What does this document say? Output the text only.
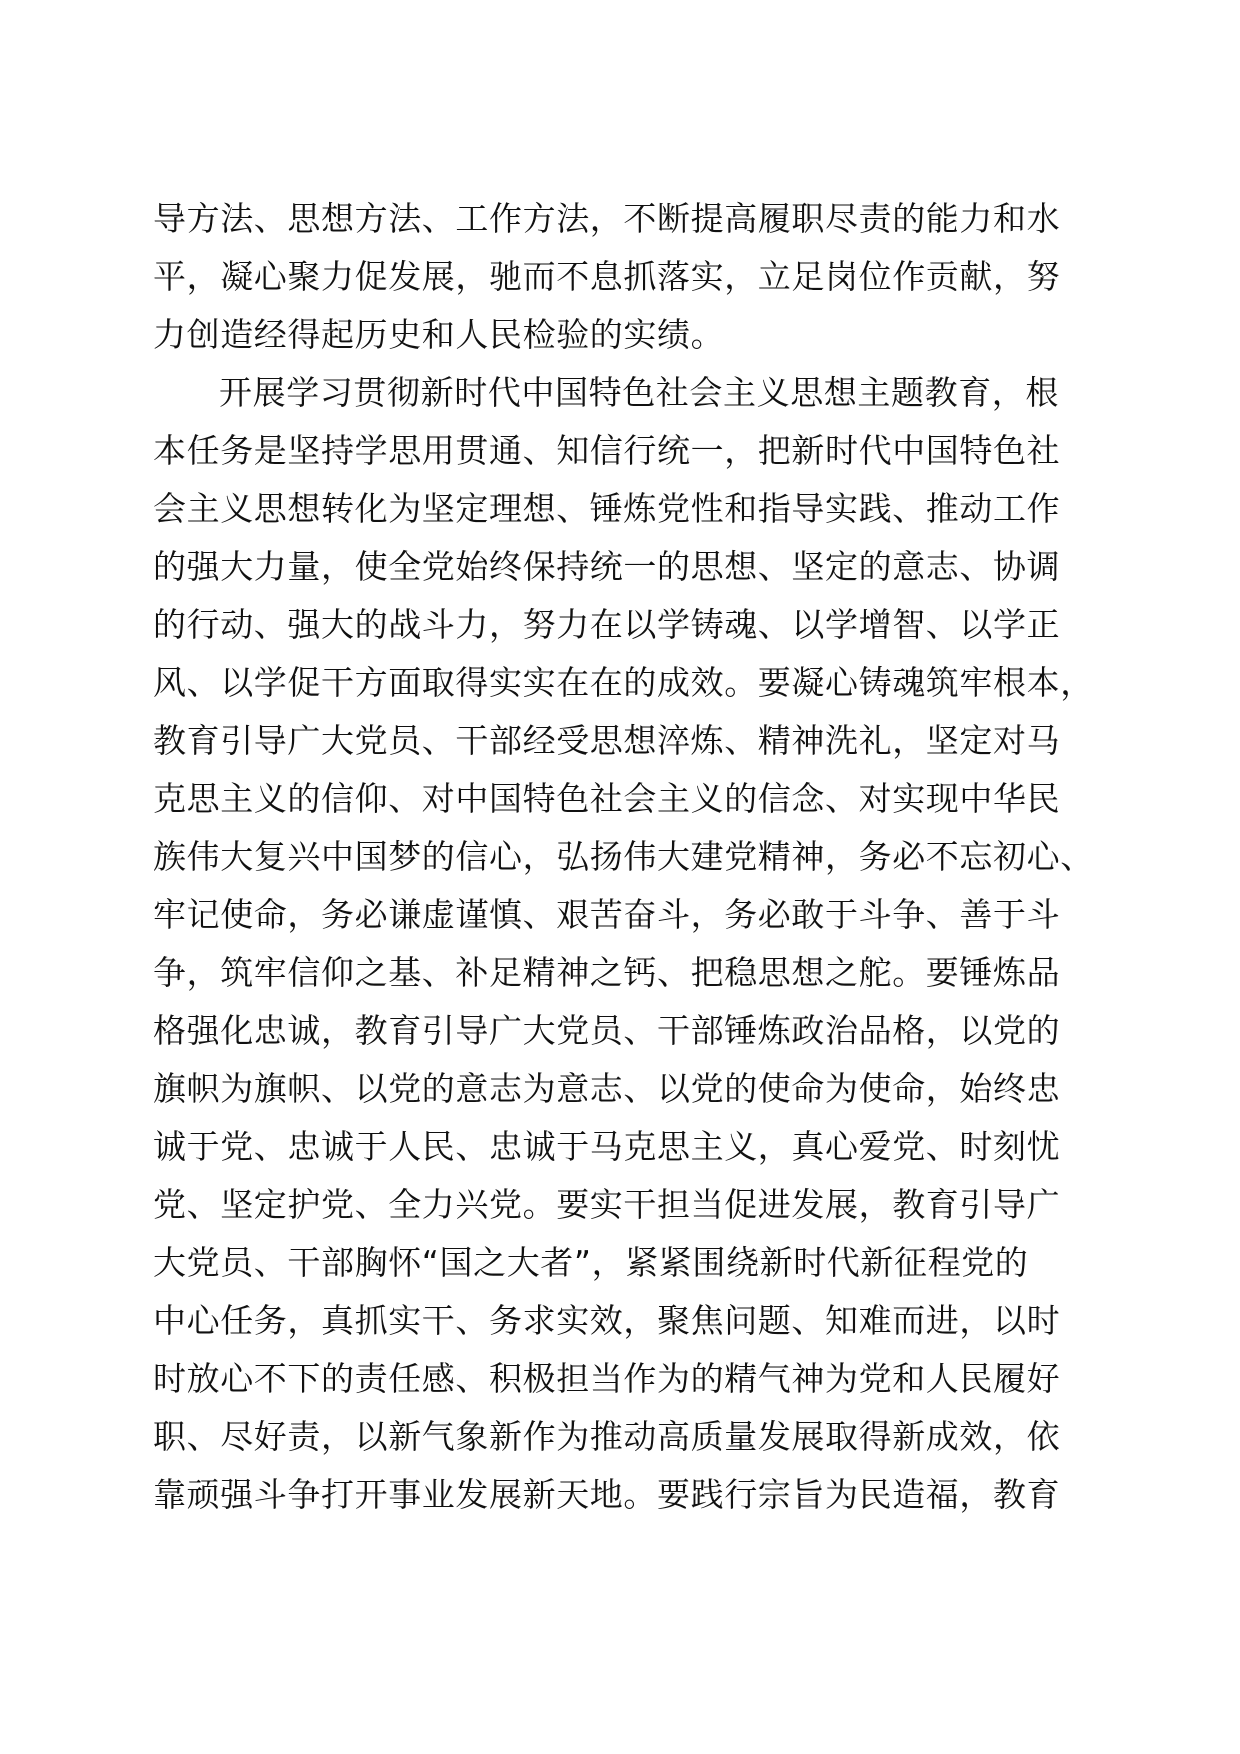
导方法、思想方法、工作方法，不断提高履职尽责的能力和水
平，凝心聚力促发展，驰而不息抓落实，立足岗位作贡献，努
力创造经得起历史和人民检验的实绩。
开展学习贯彻新时代中国特色社会主义思想主题教育，根
本任务是坚持学思用贯通、知信行统一，把新时代中国特色社
会主义思想转化为坚定理想、锤炼党性和指导实践、推动工作
的强大力量，使全党始终保持统一的思想、坚定的意志、协调
的行动、强大的战斗力，努力在以学铸魂、以学增智、以学正
风、以学促干方面取得实实在在的成效。要凝心铸魂筑牢根本，
教育引导广大党员、干部经受思想淬炼、精神洗礼，坚定对马
克思主义的信仰、对中国特色社会主义的信念、对实现中华民
族伟大复兴中国梦的信心，弘扬伟大建党精神，务必不忘初心、
牢记使命，务必谦虚谨慎、艰苦奋斗，务必敢于斗争、善于斗
争，筑牢信仰之基、补足精神之钙、把稳思想之舵。要锤炼品
格强化忠诚，教育引导广大党员、干部锤炼政治品格，以党的
旗帜为旗帜、以党的意志为意志、以党的使命为使命，始终忠
诚于党、忠诚于人民、忠诚于马克思主义，真心爱党、时刻忧
党、坚定护党、全力兴党。要实干担当促进发展，教育引导广
大党员、干部胸怀“国之大者”，紧紧围绕新时代新征程党的
中心任务，真抓实干、务求实效，聚焦问题、知难而进，以时
时放心不下的责任感、积极担当作为的精气神为党和人民履好
职、尽好责，以新气象新作为推动高质量发展取得新成效，依
靠顽强斗争打开事业发展新天地。要践行宗旨为民造福，教育
